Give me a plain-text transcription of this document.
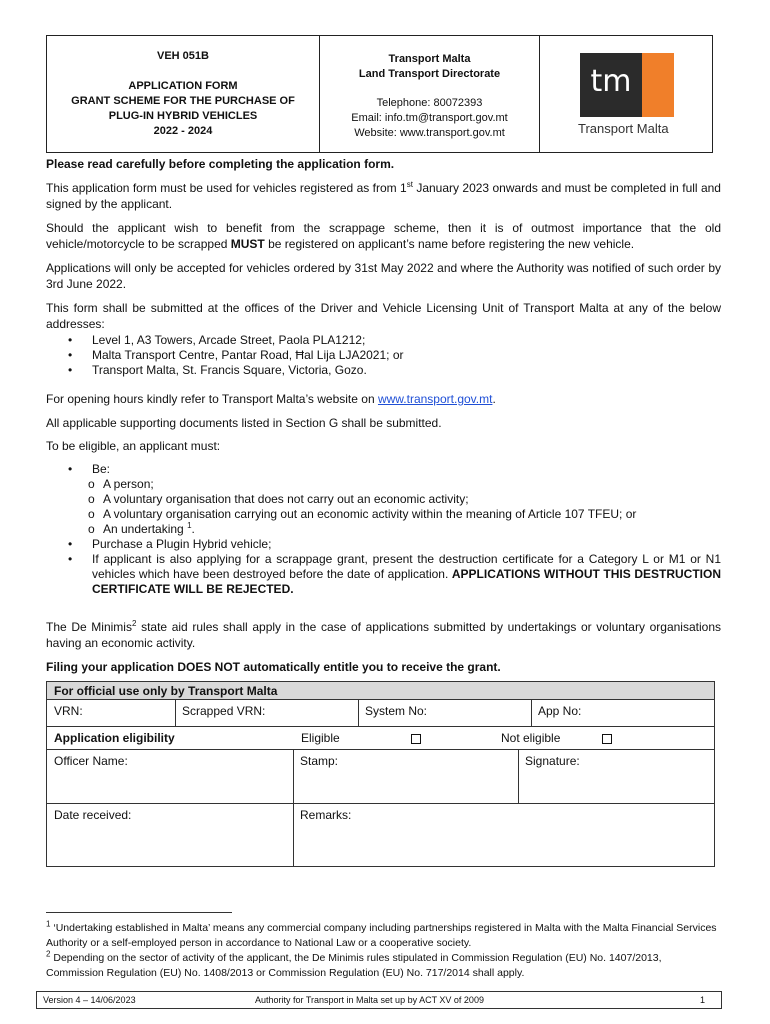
VEH 051B
APPLICATION FORM
GRANT SCHEME FOR THE PURCHASE OF
PLUG-IN HYBRID VEHICLES
2022 - 2024
Transport Malta
Land Transport Directorate
Telephone: 80072393
Email: info.tm@transport.gov.mt
Website: www.transport.gov.mt
tm
Transport Malta
Please read carefully before completing the application form.
This application form must be used for vehicles registered as from 1st January 2023 onwards and must be completed in full and signed by the applicant.
Should the applicant wish to benefit from the scrappage scheme, then it is of outmost importance that the old vehicle/motorcycle to be scrapped MUST be registered on applicant’s name before registering the new vehicle.
Applications will only be accepted for vehicles ordered by 31st May 2022 and where the Authority was notified of such order by 3rd June 2022.
This form shall be submitted at the offices of the Driver and Vehicle Licensing Unit of Transport Malta at any of the below addresses:
• Level 1, A3 Towers, Arcade Street, Paola PLA1212;
• Malta Transport Centre, Pantar Road, Ħal Lija LJA2021; or
• Transport Malta, St. Francis Square, Victoria, Gozo.
For opening hours kindly refer to Transport Malta’s website on www.transport.gov.mt.
All applicable supporting documents listed in Section G shall be submitted.
To be eligible, an applicant must:
• Be:
o A person;
o A voluntary organisation that does not carry out an economic activity;
o A voluntary organisation carrying out an economic activity within the meaning of Article 107 TFEU; or
o An undertaking $^1$.
• Purchase a Plugin Hybrid vehicle;
• If applicant is also applying for a scrappage grant, present the destruction certificate for a Category L or M1 or N1 vehicles which have been destroyed before the date of application. APPLICATIONS WITHOUT THIS DESTRUCTION CERTIFICATE WILL BE REJECTED.
The De Minimis$^2$ state aid rules shall apply in the case of applications submitted by undertakings or voluntary organisations having an economic activity.
Filing your application DOES NOT automatically entitle you to receive the grant.
For official use only by Transport Malta
VRN:	Scrapped VRN:	System No:	App No:
Application eligibility	Eligible	Not eligible
Officer Name:	Stamp:	Signature:
Date received:	Remarks:
$^1$ ‘Undertaking established in Malta’ means any commercial company including partnerships registered in Malta with the Malta Financial Services Authority or a self-employed person in accordance to National Law or a cooperative society.
$^2$ Depending on the sector of activity of the applicant, the De Minimis rules stipulated in Commission Regulation (EU) No. 1407/2013, Commission Regulation (EU) No. 1408/2013 or Commission Regulation (EU) No. 717/2014 shall apply.
Version 4 – 14/06/2023	Authority for Transport in Malta set up by ACT XV of 2009	1
